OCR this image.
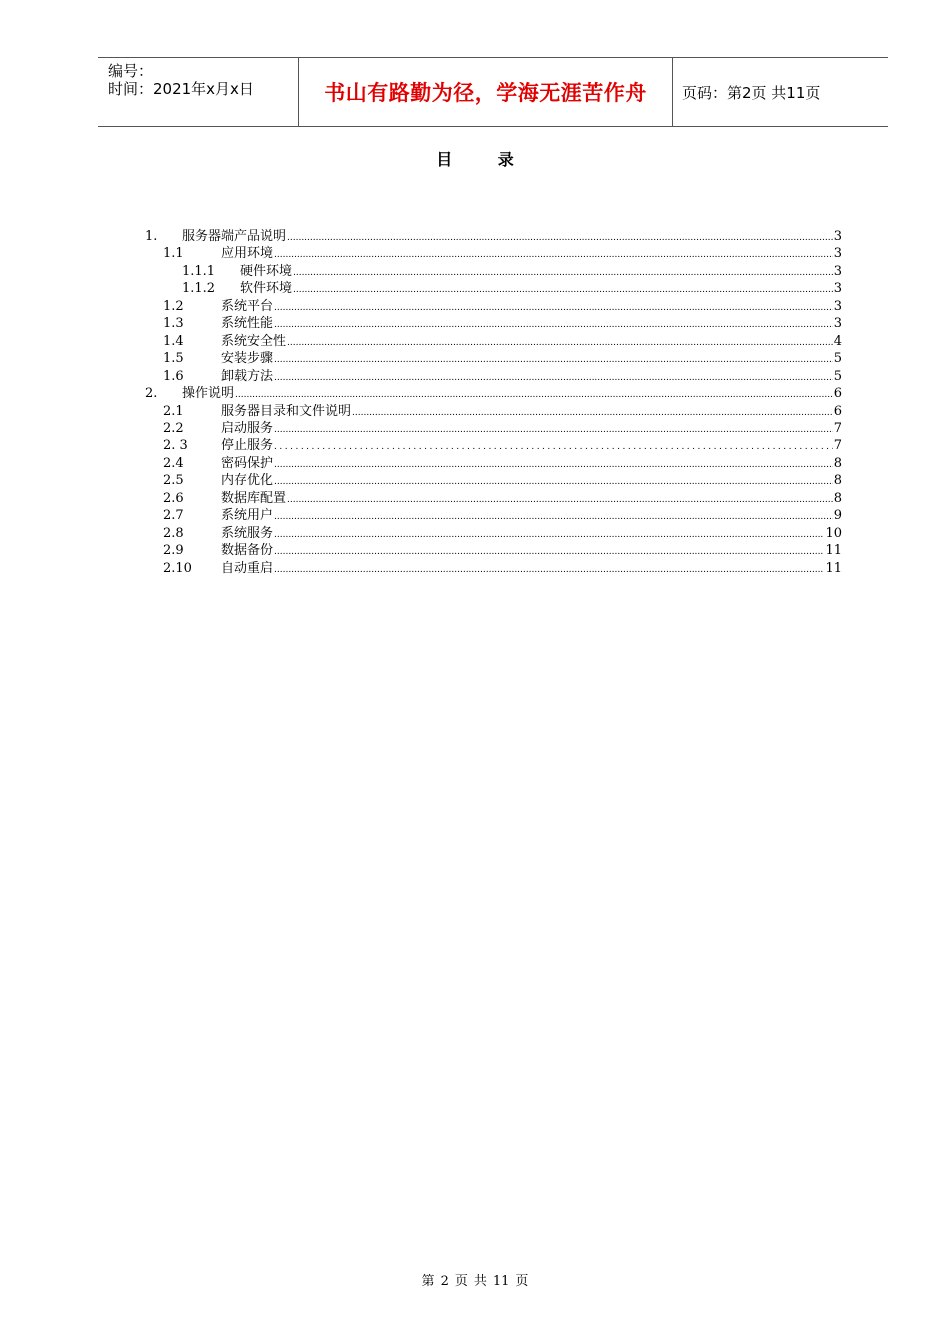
编号：
时间：2021年x月x日	书山有路勤为径，学海无涯苦作舟	页码：第2页 共11页
目 录
1. 服务器端产品说明 .....	3
1.1	应用环境 .....	3
1.1.1 硬件环境 .....	3
1.1.2 软件环境 .....	3
1.2	系统平台 .....	3
1.3	系统性能 .....	3
1.4	系统安全性 .....	4
1.5	安装步骤 .....	5
1.6	卸载方法 .....	5
2. 操作说明 .....	6
2.1	服务器目录和文件说明 .....	6
2.2	启动服务 .....	7
2. 3	停止服务 .....	7
2.4	密码保护 .....	8
2.5	内存优化 .....	8
2.6	数据库配置 .....	8
2.7	系统用户 .....	9
2.8	系统服务 .....	10
2.9	数据备份 .....	11
2.10 自动重启 .....	11
第 2 页 共 11 页
